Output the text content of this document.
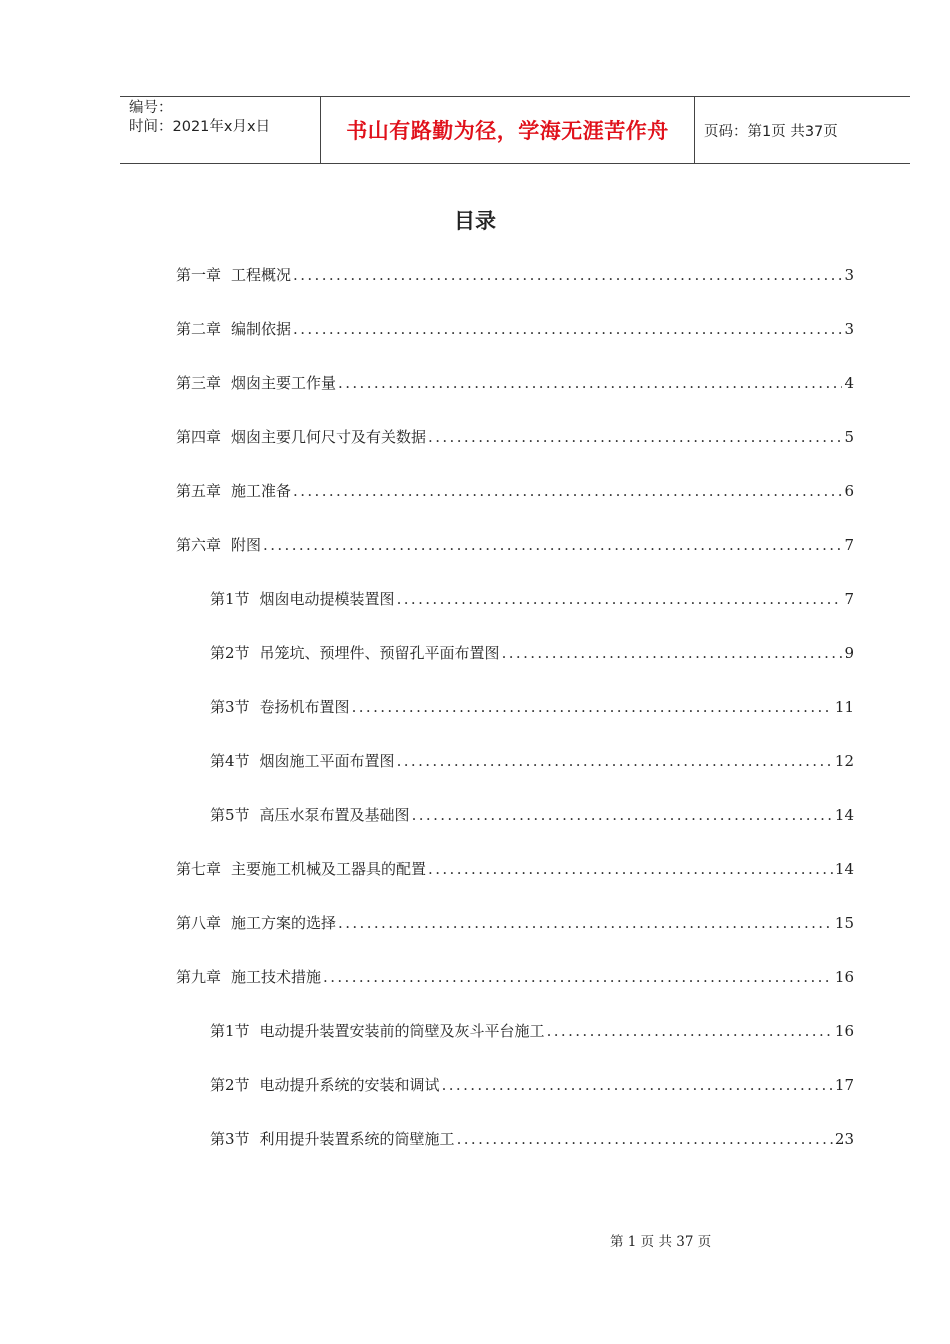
编号：
时间：2021年x月x日	书山有路勤为径，学海无涯苦作舟	页码：第1页 共37页
目录
第一章 工程概况 .....	3
第二章 编制依据 .....	3
第三章 烟囱主要工作量 .....	4
第四章 烟囱主要几何尺寸及有关数据 .....	5
第五章 施工准备 .....	6
第六章 附图 .....	7
第1节 烟囱电动提模装置图 .....	7
第2节 吊笼坑、预埋件、预留孔平面布置图 .....	9
第3节 卷扬机布置图 .....	11
第4节 烟囱施工平面布置图 .....	12
第5节 高压水泵布置及基础图 .....	14
第七章 主要施工机械及工器具的配置 .....	14
第八章 施工方案的选择 .....	15
第九章 施工技术措施 .....	16
第1节 电动提升装置安装前的筒壁及灰斗平台施工 .....	16
第2节 电动提升系统的安装和调试 .....	17
第3节 利用提升装置系统的筒壁施工 .....	23
第 1 页 共 37 页
